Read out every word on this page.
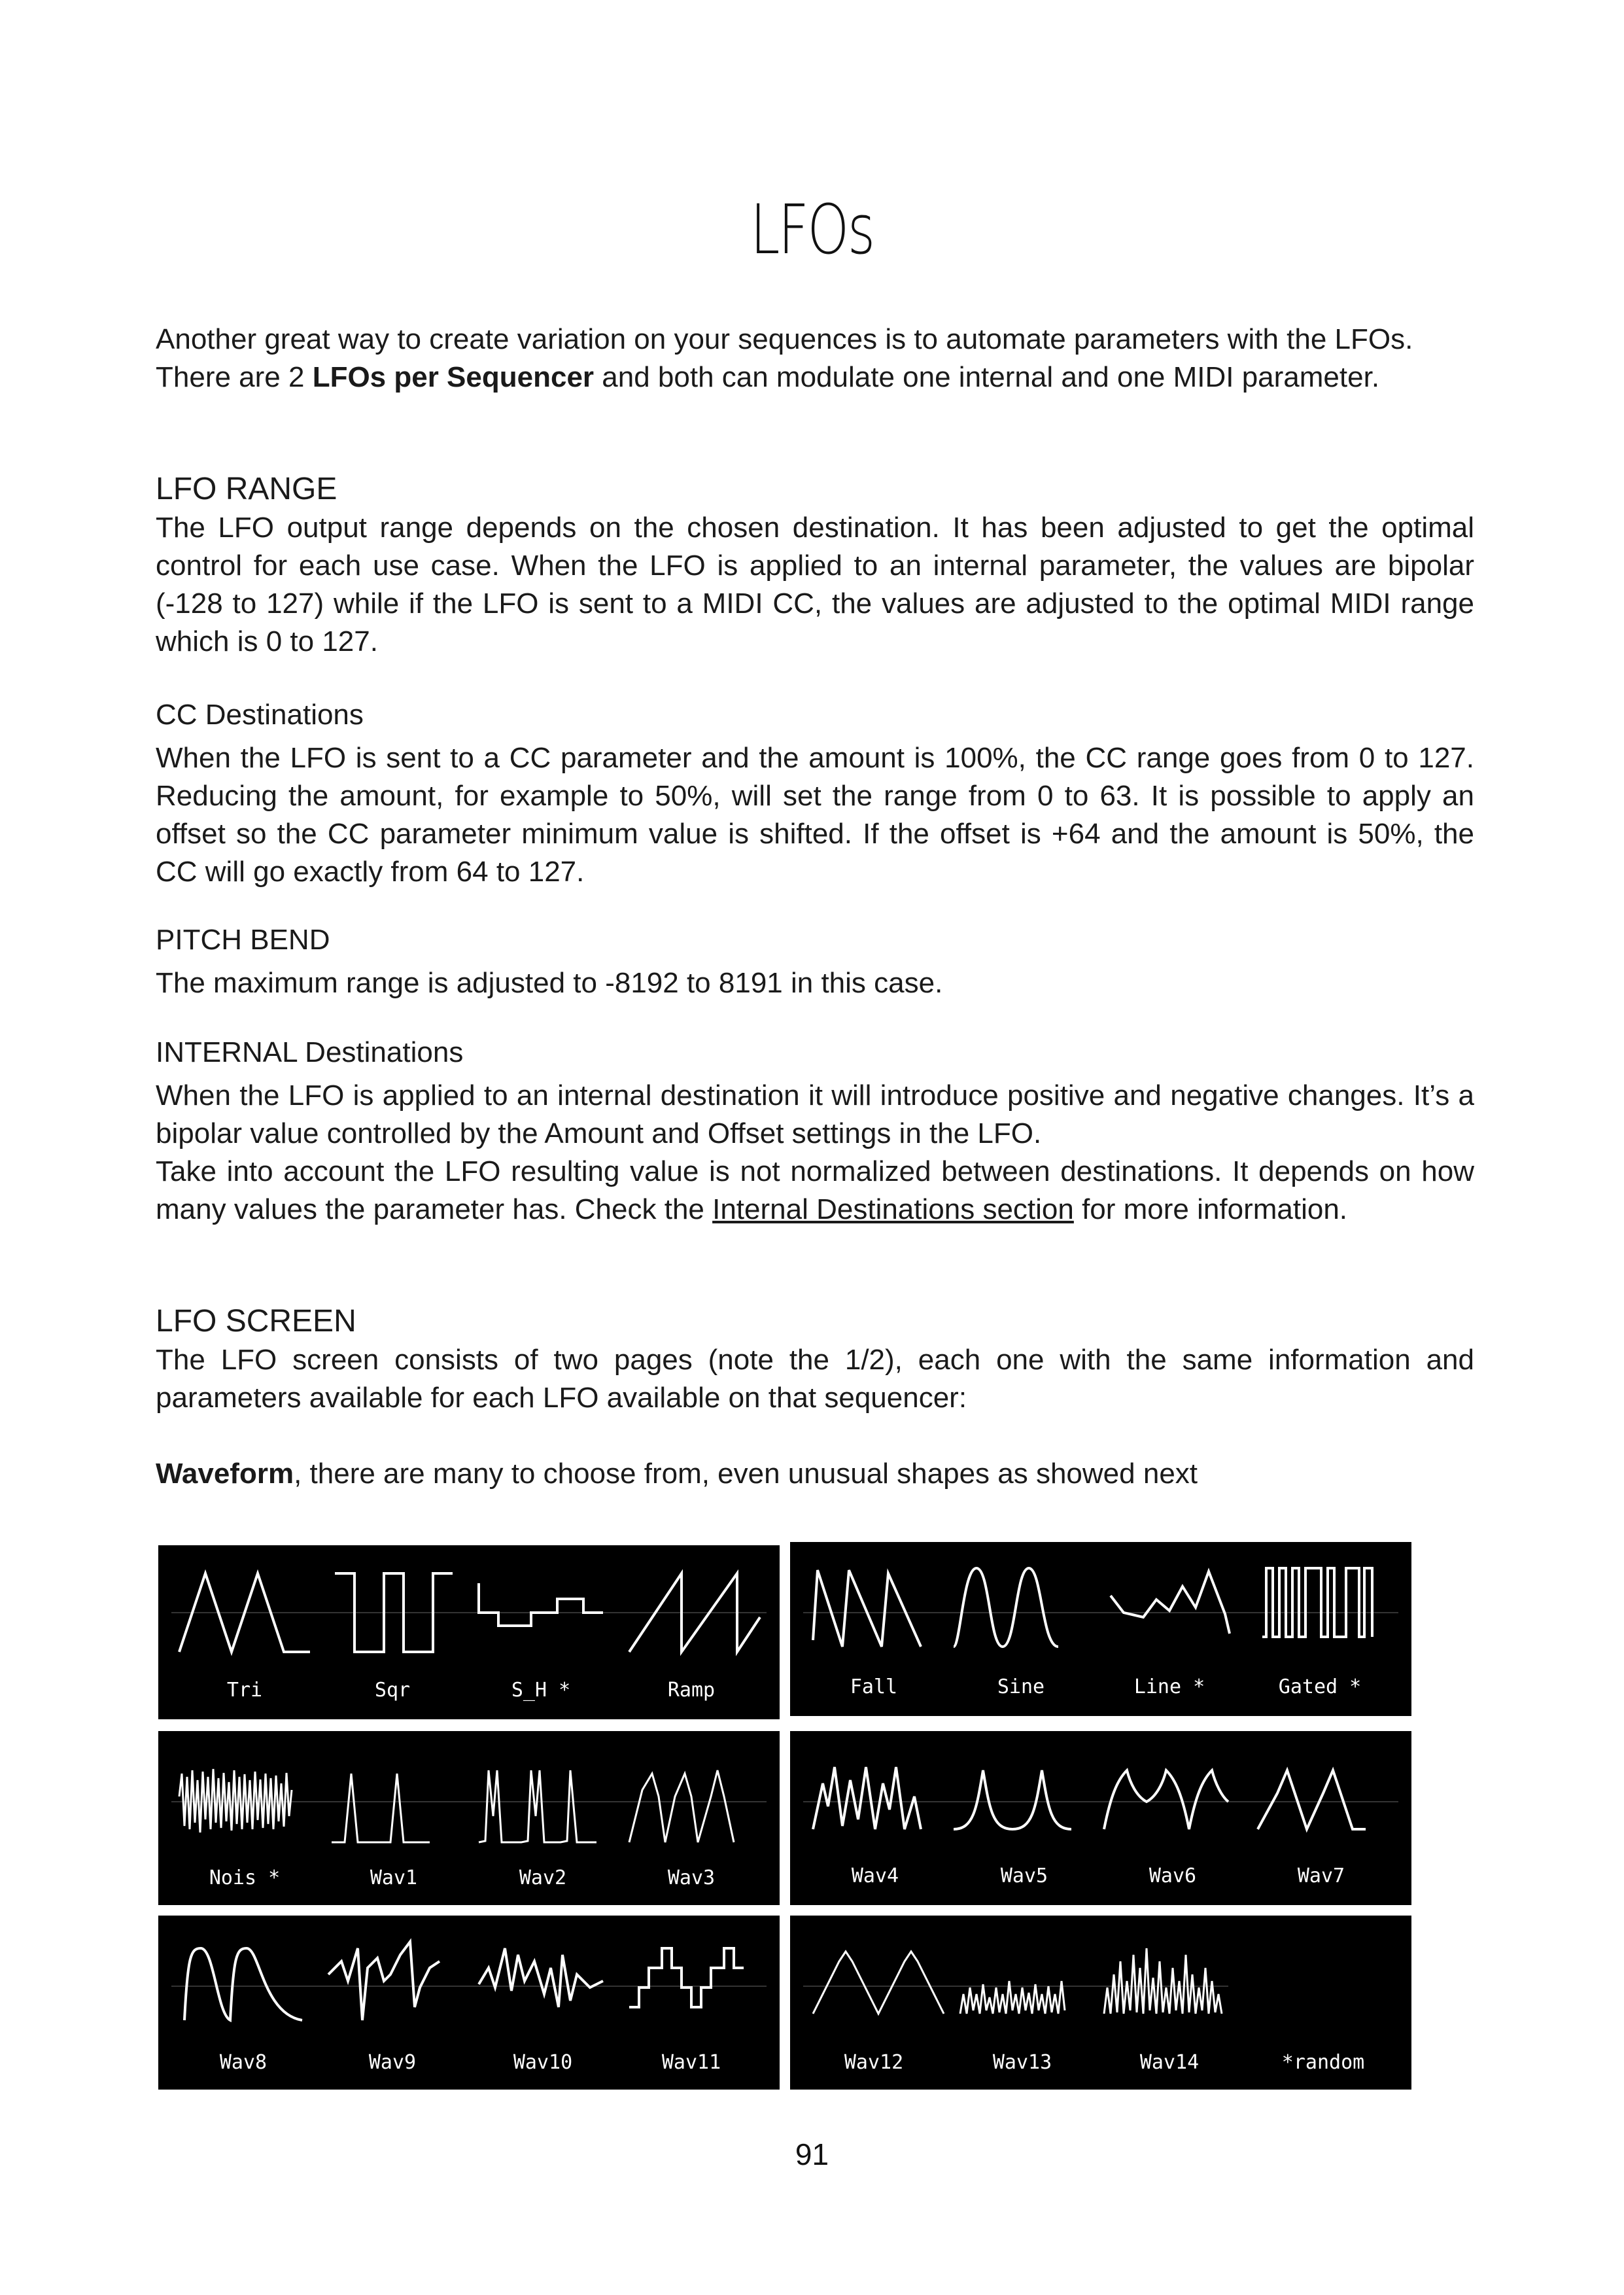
LFOs

Another great way to create variation on your sequences is to automate parameters with the LFOs.
There are 2 LFOs per Sequencer and both can modulate one internal and one MIDI parameter.

LFO RANGE

The LFO output range depends on the chosen destination. It has been adjusted to get the optimal control for each use case. When the LFO is applied to an internal parameter, the values are bipolar (-128 to 127) while if the LFO is sent to a MIDI CC, the values are adjusted to the optimal MIDI range which is 0 to 127.

CC Destinations

When the LFO is sent to a CC parameter and the amount is 100%, the CC range goes from 0 to 127. Reducing the amount, for example to 50%, will set the range from 0 to 63. It is possible to apply an offset so the CC parameter minimum value is shifted. If the offset is +64 and the amount is 50%, the CC will go exactly from 64 to 127.

PITCH BEND

The maximum range is adjusted to -8192 to 8191 in this case.

INTERNAL Destinations

When the LFO is applied to an internal destination it will introduce positive and negative changes. It’s a bipolar value controlled by the Amount and Offset settings in the LFO.

Take into account the LFO resulting value is not normalized between destinations. It depends on how many values the parameter has. Check the Internal Destinations section for more information.

LFO SCREEN

The LFO screen consists of two pages (note the 1/2), each one with the same information and parameters available for each LFO available on that sequencer:

Waveform, there are many to choose from, even unusual shapes as showed next

Tri	Sqr	S_H *	Ramp	Fall	Sine	Line *	Gated *
Nois *	Wav1	Wav2	Wav3	Wav4	Wav5	Wav6	Wav7
Wav8	Wav9	Wav10	Wav11	Wav12	Wav13	Wav14	*random
91
